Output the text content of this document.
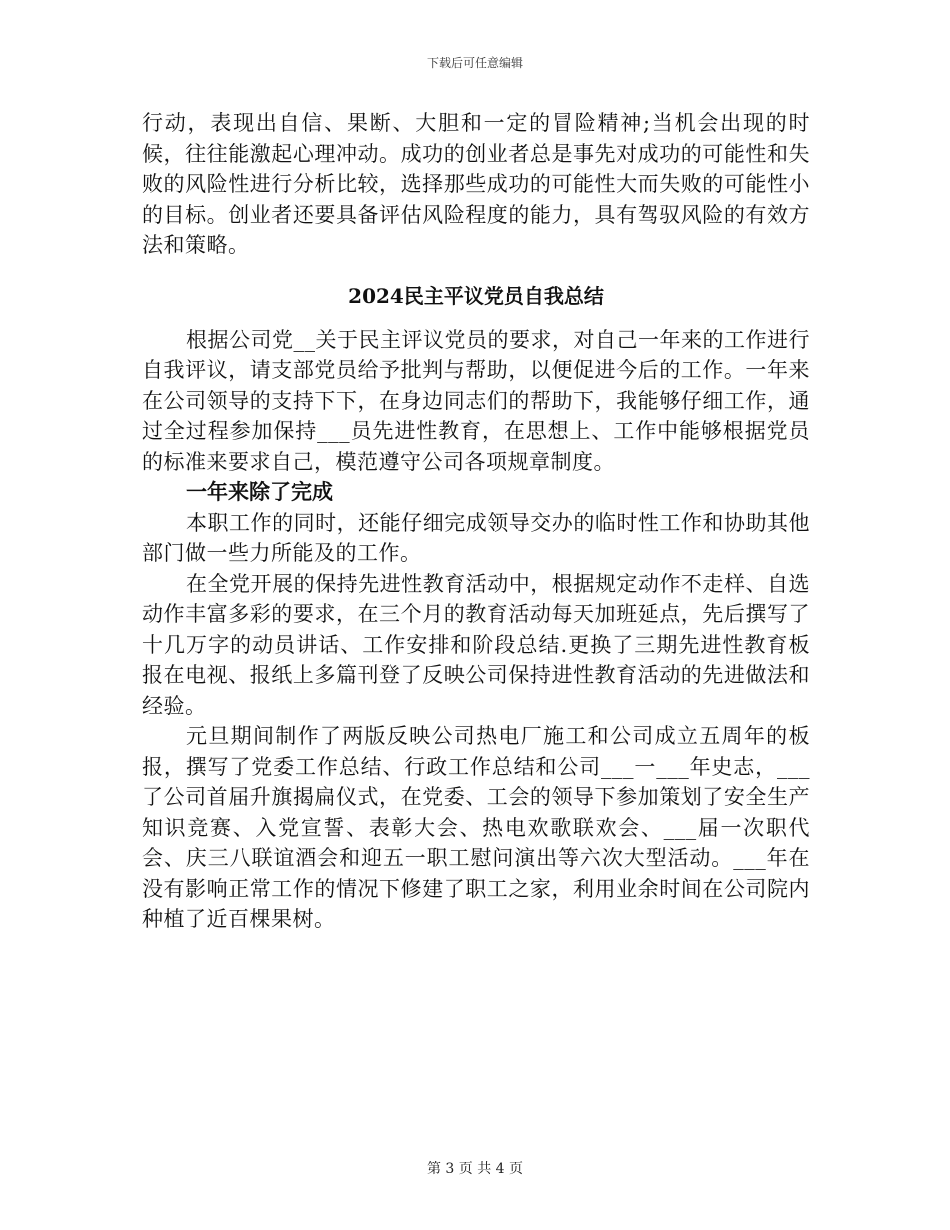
下载后可任意编辑

行动，表现出自信、果断、大胆和一定的冒险精神;当机会出现的时候，往往能激起心理冲动。成功的创业者总是事先对成功的可能性和失败的风险性进行分析比较，选择那些成功的可能性大而失败的可能性小的目标。创业者还要具备评估风险程度的能力，具有驾驭风险的有效方法和策略。

2024民主平议党员自我总结

根据公司党__关于民主评议党员的要求，对自己一年来的工作进行自我评议，请支部党员给予批判与帮助，以便促进今后的工作。一年来在公司领导的支持下下，在身边同志们的帮助下，我能够仔细工作，通过全过程参加保持___员先进性教育，在思想上、工作中能够根据党员的标准来要求自己，模范遵守公司各项规章制度。

一年来除了完成

本职工作的同时，还能仔细完成领导交办的临时性工作和协助其他部门做一些力所能及的工作。

在全党开展的保持先进性教育活动中，根据规定动作不走样、自选动作丰富多彩的要求，在三个月的教育活动每天加班延点，先后撰写了十几万字的动员讲话、工作安排和阶段总结.更换了三期先进性教育板报在电视、报纸上多篇刊登了反映公司保持进性教育活动的先进做法和经验。

元旦期间制作了两版反映公司热电厂施工和公司成立五周年的板报，撰写了党委工作总结、行政工作总结和公司___一___年史志，___了公司首届升旗揭扁仪式，在党委、工会的领导下参加策划了安全生产知识竞赛、入党宣誓、表彰大会、热电欢歌联欢会、___届一次职代会、庆三八联谊酒会和迎五一职工慰问演出等六次大型活动。___年在没有影响正常工作的情况下修建了职工之家，利用业余时间在公司院内种植了近百棵果树。

第 3 页 共 4 页
